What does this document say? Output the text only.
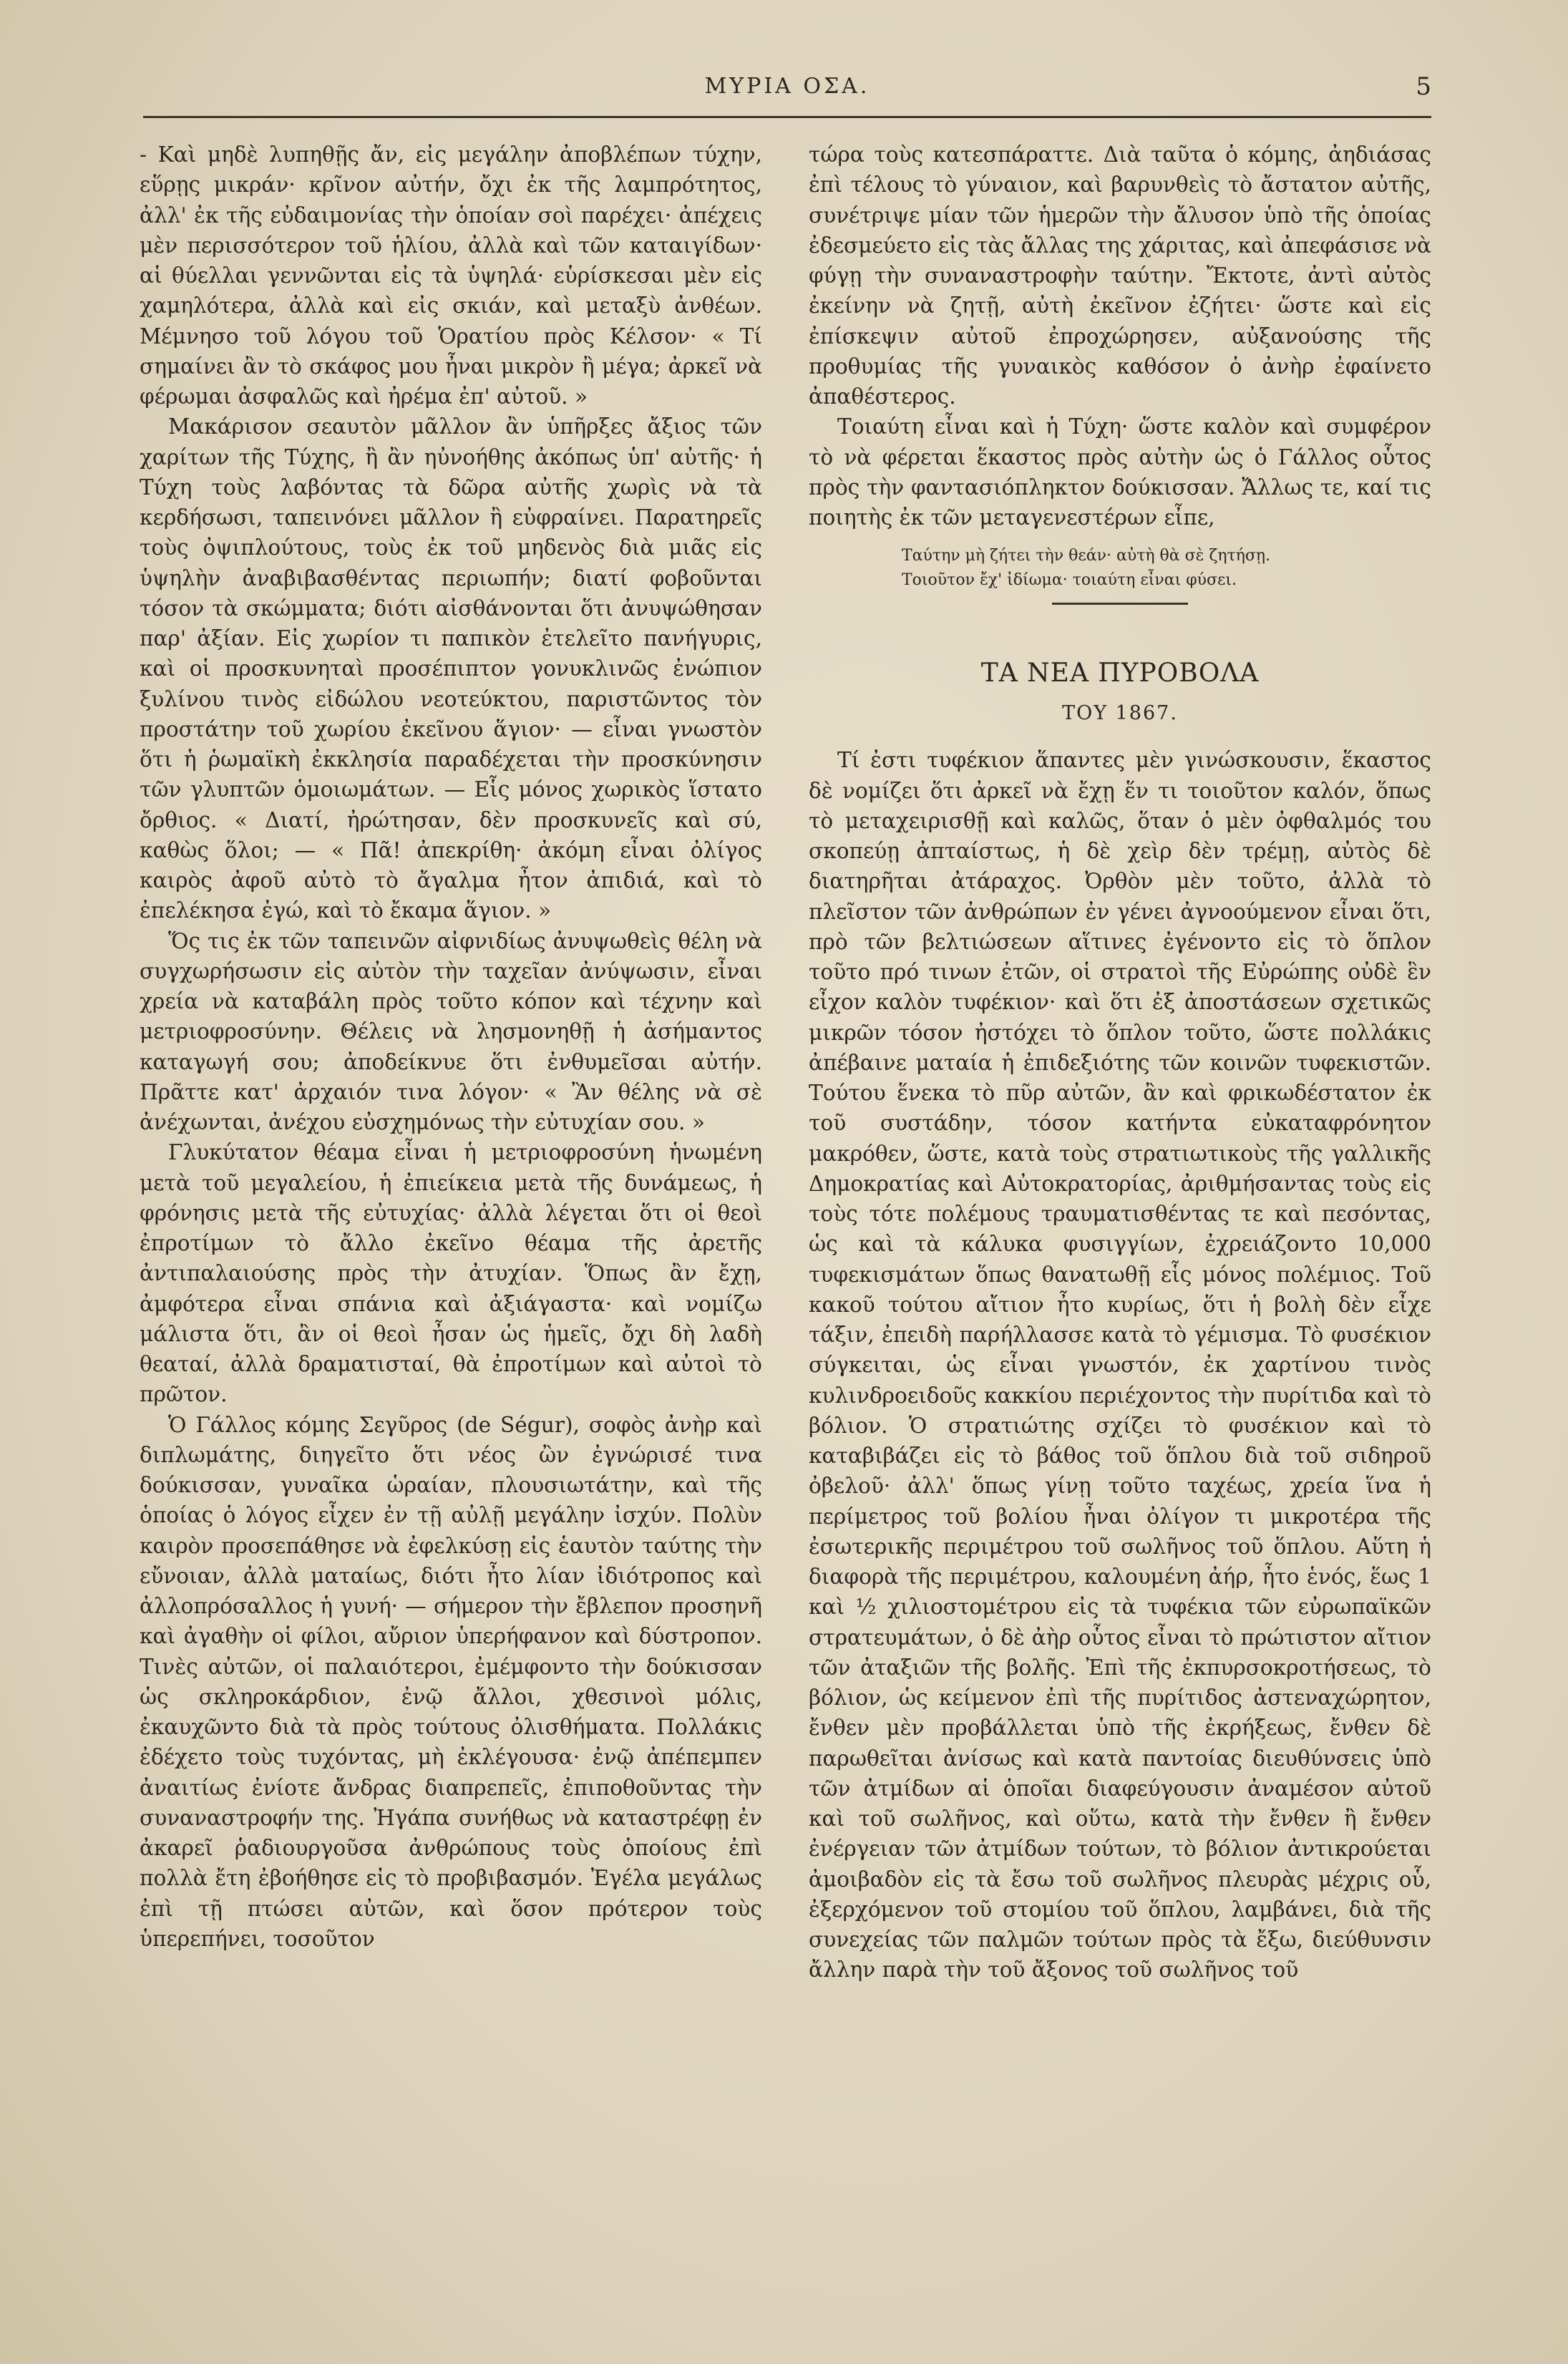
ΜΥΡΙΑ ΟΣΑ.	5

- Καὶ μηδὲ λυπηθῇς ἄν, εἰς μεγάλην ἀποβλέπων τύχην, εὕρῃς μικράν· κρῖνον αὐτήν, ὄχι ἐκ τῆς λαμπρότητος, ἀλλ' ἐκ τῆς εὐδαιμονίας τὴν ὁποίαν σοὶ παρέχει· ἀπέχεις μὲν περισσότερον τοῦ ἡλίου, ἀλλὰ καὶ τῶν καταιγίδων· αἱ θύελλαι γεννῶνται εἰς τὰ ὑψηλά· εὑρίσκεσαι μὲν εἰς χαμηλότερα, ἀλλὰ καὶ εἰς σκιάν, καὶ μεταξὺ ἀνθέων. Μέμνησο τοῦ λόγου τοῦ Ὁρατίου πρὸς Κέλσον· « Τί σημαίνει ἂν τὸ σκάφος μου ἦναι μικρὸν ἢ μέγα; ἀρκεῖ νὰ φέρωμαι ἀσφαλῶς καὶ ἠρέμα ἐπ' αὐτοῦ. »

Μακάρισον σεαυτὸν μᾶλλον ἂν ὑπῆρξες ἄξιος τῶν χαρίτων τῆς Τύχης, ἢ ἂν ηὐνοήθης ἀκόπως ὑπ' αὐτῆς· ἡ Τύχη τοὺς λαβόντας τὰ δῶρα αὐτῆς χωρὶς νὰ τὰ κερδήσωσι, ταπεινόνει μᾶλλον ἢ εὐφραίνει. Παρατηρεῖς τοὺς ὀψιπλούτους, τοὺς ἐκ τοῦ μηδενὸς διὰ μιᾶς εἰς ὑψηλὴν ἀναβιβασθέντας περιωπήν; διατί φοβοῦνται τόσον τὰ σκώμματα; διότι αἰσθάνονται ὅτι ἀνυψώθησαν παρ' ἀξίαν. Εἰς χωρίον τι παπικὸν ἐτελεῖτο πανήγυρις, καὶ οἱ προσκυνηταὶ προσέπιπτον γονυκλινῶς ἐνώπιον ξυλίνου τινὸς εἰδώλου νεοτεύκτου, παριστῶντος τὸν προστάτην τοῦ χωρίου ἐκεῖνου ἅγιον· — εἶναι γνωστὸν ὅτι ἡ ῥωμαϊκὴ ἐκκλησία παραδέχεται τὴν προσκύνησιν τῶν γλυπτῶν ὁμοιωμάτων. — Εἷς μόνος χωρικὸς ἵστατο ὄρθιος. « Διατί, ἠρώτησαν, δὲν προσκυνεῖς καὶ σύ, καθὼς ὅλοι; — « Πᾶ! ἀπεκρίθη· ἀκόμη εἶναι ὀλίγος καιρὸς ἀφοῦ αὐτὸ τὸ ἄγαλμα ἦτον ἀπιδιά, καὶ τὸ ἐπελέκησα ἐγώ, καὶ τὸ ἔκαμα ἅγιον. »

Ὅς τις ἐκ τῶν ταπεινῶν αἰφνιδίως ἀνυψωθεὶς θέλη νὰ συγχωρήσωσιν εἰς αὐτὸν τὴν ταχεῖαν ἀνύψωσιν, εἶναι χρεία νὰ καταβάλη πρὸς τοῦτο κόπον καὶ τέχνην καὶ μετριοφροσύνην. Θέλεις νὰ λησμονηθῇ ἡ ἀσήμαντος καταγωγή σου; ἀποδείκνυε ὅτι ἐνθυμεῖσαι αὐτήν. Πρᾶττε κατ' ἀρχαιόν τινα λόγον· « Ἂν θέλης νὰ σὲ ἀνέχωνται, ἀνέχου εὐσχημόνως τὴν εὐτυχίαν σου. »

Γλυκύτατον θέαμα εἶναι ἡ μετριοφροσύνη ἡνωμένη μετὰ τοῦ μεγαλείου, ἡ ἐπιείκεια μετὰ τῆς δυνάμεως, ἡ φρόνησις μετὰ τῆς εὐτυχίας· ἀλλὰ λέγεται ὅτι οἱ θεοὶ ἐπροτίμων τὸ ἄλλο ἐκεῖνο θέαμα τῆς ἀρετῆς ἀντιπαλαιούσης πρὸς τὴν ἀτυχίαν. Ὅπως ἂν ἔχῃ, ἀμφότερα εἶναι σπάνια καὶ ἀξιάγαστα· καὶ νομίζω μάλιστα ὅτι, ἂν οἱ θεοὶ ἦσαν ὡς ἡμεῖς, ὄχι δὴ λαδὴ θεαταί, ἀλλὰ δραματισταί, θὰ ἐπροτίμων καὶ αὐτοὶ τὸ πρῶτον.

Ὁ Γάλλος κόμης Σεγῦρος (de Ségur), σοφὸς ἀνὴρ καὶ διπλωμάτης, διηγεῖτο ὅτι νέος ὢν ἐγνώρισέ τινα δούκισσαν, γυναῖκα ὡραίαν, πλουσιωτάτην, καὶ τῆς ὁποίας ὁ λόγος εἶχεν ἐν τῇ αὐλῇ μεγάλην ἰσχύν. Πολὺν καιρὸν προσεπάθησε νὰ ἐφελκύσῃ εἰς ἑαυτὸν ταύτης τὴν εὔνοιαν, ἀλλὰ ματαίως, διότι ἦτο λίαν ἰδιότροπος καὶ ἀλλοπρόσαλλος ἡ γυνή· — σήμερον τὴν ἔβλεπον προσηνῆ καὶ ἀγαθὴν οἱ φίλοι, αὔριον ὑπερήφανον καὶ δύστροπον. Τινὲς αὐτῶν, οἱ παλαιότεροι, ἐμέμφοντο τὴν δούκισσαν ὡς σκληροκάρδιον, ἐνῷ ἄλλοι, χθεσινοὶ μόλις, ἐκαυχῶντο διὰ τὰ πρὸς τούτους ὀλισθήματα. Πολλάκις ἐδέχετο τοὺς τυχόντας, μὴ ἐκλέγουσα· ἐνῷ ἀπέπεμπεν ἀναιτίως ἐνίοτε ἄνδρας διαπρεπεῖς, ἐπιποθοῦντας τὴν συναναστροφήν της. Ἠγάπα συνήθως νὰ καταστρέφῃ ἐν ἀκαρεῖ ῥαδιουργοῦσα ἀνθρώπους τοὺς ὁποίους ἐπὶ πολλὰ ἔτη ἐβοήθησε εἰς τὸ προβιβασμόν. Ἐγέλα μεγάλως ἐπὶ τῇ πτώσει αὐτῶν, καὶ ὅσον πρότερον τοὺς ὑπερεπήνει, τοσοῦτον

τώρα τοὺς κατεσπάραττε. Διὰ ταῦτα ὁ κόμης, ἀηδιάσας ἐπὶ τέλους τὸ γύναιον, καὶ βαρυνθεὶς τὸ ἄστατον αὐτῆς, συνέτριψε μίαν τῶν ἡμερῶν τὴν ἄλυσον ὑπὸ τῆς ὁποίας ἐδεσμεύετο εἰς τὰς ἄλλας της χάριτας, καὶ ἀπεφάσισε νὰ φύγῃ τὴν συναναστροφὴν ταύτην. Ἔκτοτε, ἀντὶ αὐτὸς ἐκείνην νὰ ζητῇ, αὐτὴ ἐκεῖνον ἐζήτει· ὥστε καὶ εἰς ἐπίσκεψιν αὐτοῦ ἐπροχώρησεν, αὐξανούσης τῆς προθυμίας τῆς γυναικὸς καθόσον ὁ ἀνὴρ ἐφαίνετο ἀπαθέστερος.

Τοιαύτη εἶναι καὶ ἡ Τύχη· ὥστε καλὸν καὶ συμφέρον τὸ νὰ φέρεται ἕκαστος πρὸς αὐτὴν ὡς ὁ Γάλλος οὗτος πρὸς τὴν φαντασιόπληκτον δούκισσαν. Ἄλλως τε, καί τις ποιητὴς ἐκ τῶν μεταγενεστέρων εἶπε,

Ταύτην μὴ ζήτει τὴν θεάν· αὐτὴ θὰ σὲ ζητήσῃ.
Τοιοῦτον ἔχ' ἰδίωμα· τοιαύτη εἶναι φύσει.
ΤΑ ΝΕΑ ΠΥΡΟΒΟΛΑ
ΤΟΥ 1867.

Τί ἐστι τυφέκιον ἅπαντες μὲν γινώσκουσιν, ἕκαστος δὲ νομίζει ὅτι ἀρκεῖ νὰ ἔχῃ ἕν τι τοιοῦτον καλόν, ὅπως τὸ μεταχειρισθῇ καὶ καλῶς, ὅταν ὁ μὲν ὀφθαλμός του σκοπεύῃ ἀπταίστως, ἡ δὲ χεὶρ δὲν τρέμῃ, αὐτὸς δὲ διατηρῆται ἀτάραχος. Ὀρθὸν μὲν τοῦτο, ἀλλὰ τὸ πλεῖστον τῶν ἀνθρώπων ἐν γένει ἀγνοούμενον εἶναι ὅτι, πρὸ τῶν βελτιώσεων αἵτινες ἐγένοντο εἰς τὸ ὅπλον τοῦτο πρό τινων ἐτῶν, οἱ στρατοὶ τῆς Εὐρώπης οὐδὲ ἓν εἶχον καλὸν τυφέκιον· καὶ ὅτι ἐξ ἀποστάσεων σχετικῶς μικρῶν τόσον ἠστόχει τὸ ὅπλον τοῦτο, ὥστε πολλάκις ἀπέβαινε ματαία ἡ ἐπιδεξιότης τῶν κοινῶν τυφεκιστῶν. Τούτου ἕνεκα τὸ πῦρ αὐτῶν, ἂν καὶ φρικωδέστατον ἐκ τοῦ συστάδην, τόσον κατήντα εὐκαταφρόνητον μακρόθεν, ὥστε, κατὰ τοὺς στρατιωτικοὺς τῆς γαλλικῆς Δημοκρατίας καὶ Αὐτοκρατορίας, ἀριθμήσαντας τοὺς εἰς τοὺς τότε πολέμους τραυματισθέντας τε καὶ πεσόντας, ὡς καὶ τὰ κάλυκα φυσιγγίων, ἐχρειάζοντο 10,000 τυφεκισμάτων ὅπως θανατωθῇ εἷς μόνος πολέμιος. Τοῦ κακοῦ τούτου αἴτιον ἦτο κυρίως, ὅτι ἡ βολὴ δὲν εἶχε τάξιν, ἐπειδὴ παρήλλασσε κατὰ τὸ γέμισμα. Τὸ φυσέκιον σύγκειται, ὡς εἶναι γνωστόν, ἐκ χαρτίνου τινὸς κυλινδροειδοῦς κακκίου περιέχοντος τὴν πυρίτιδα καὶ τὸ βόλιον. Ὁ στρατιώτης σχίζει τὸ φυσέκιον καὶ τὸ καταβιβάζει εἰς τὸ βάθος τοῦ ὅπλου διὰ τοῦ σιδηροῦ ὀβελοῦ· ἀλλ' ὅπως γίνῃ τοῦτο ταχέως, χρεία ἵνα ἡ περίμετρος τοῦ βολίου ἦναι ὀλίγον τι μικροτέρα τῆς ἐσωτερικῆς περιμέτρου τοῦ σωλῆνος τοῦ ὅπλου. Αὕτη ἡ διαφορὰ τῆς περιμέτρου, καλουμένη ἀήρ, ἦτο ἑνός, ἕως 1 καὶ ½ χιλιοστομέτρου εἰς τὰ τυφέκια τῶν εὐρωπαϊκῶν στρατευμάτων, ὁ δὲ ἀὴρ οὗτος εἶναι τὸ πρώτιστον αἴτιον τῶν ἀταξιῶν τῆς βολῆς. Ἐπὶ τῆς ἐκπυρσοκροτήσεως, τὸ βόλιον, ὡς κείμενον ἐπὶ τῆς πυρίτιδος ἀστεναχώρητον, ἔνθεν μὲν προβάλλεται ὑπὸ τῆς ἐκρήξεως, ἔνθεν δὲ παρωθεῖται ἀνίσως καὶ κατὰ παντοίας διευθύνσεις ὑπὸ τῶν ἀτμίδων αἱ ὁποῖαι διαφεύγουσιν ἀναμέσον αὐτοῦ καὶ τοῦ σωλῆνος, καὶ οὕτω, κατὰ τὴν ἔνθεν ἢ ἔνθεν ἐνέργειαν τῶν ἀτμίδων τούτων, τὸ βόλιον ἀντικρούεται ἀμοιβαδὸν εἰς τὰ ἔσω τοῦ σωλῆνος πλευρὰς μέχρις οὗ, ἐξερχόμενον τοῦ στομίου τοῦ ὅπλου, λαμβάνει, διὰ τῆς συνεχείας τῶν παλμῶν τούτων πρὸς τὰ ἔξω, διεύθυνσιν ἄλλην παρὰ τὴν τοῦ ἄξονος τοῦ σωλῆνος τοῦ
